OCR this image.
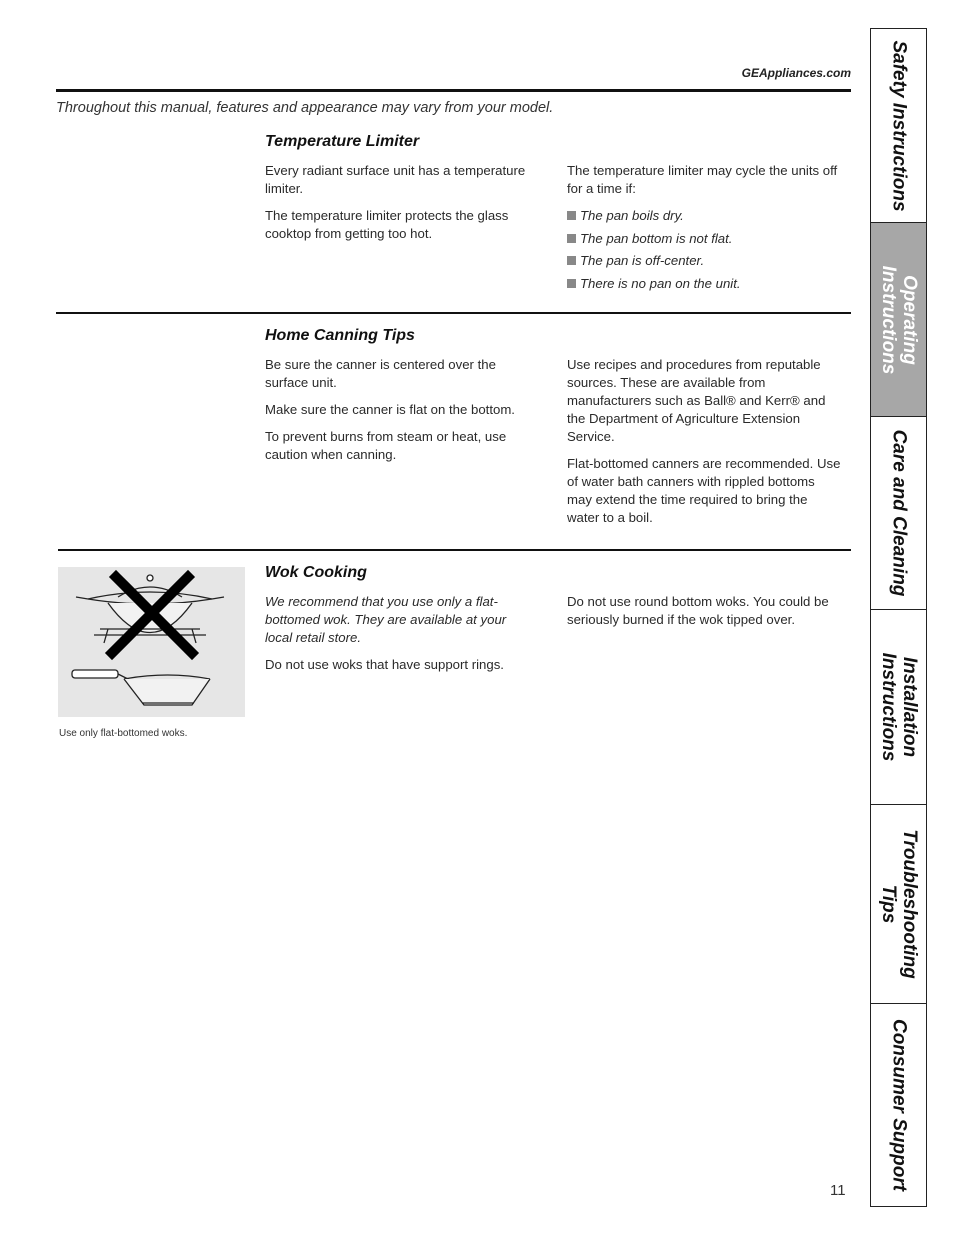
GEAppliances.com
Throughout this manual, features and appearance may vary from your model.
Temperature Limiter

Every radiant surface unit has a temperature limiter.

The temperature limiter protects the glass cooktop from getting too hot.

The temperature limiter may cycle the units off for a time if:

The pan boils dry.
The pan bottom is not flat.
The pan is off-center.
There is no pan on the unit.
Home Canning Tips

Be sure the canner is centered over the surface unit.

Make sure the canner is flat on the bottom.

To prevent burns from steam or heat, use caution when canning.

Use recipes and procedures from reputable sources. These are available from manufacturers such as Ball® and Kerr® and the Department of Agriculture Extension Service.

Flat-bottomed canners are recommended. Use of water bath canners with rippled bottoms may extend the time required to bring the water to a boil.

Use only flat-bottomed woks.
Wok Cooking

We recommend that you use only a flat-bottomed wok. They are available at your local retail store.

Do not use woks that have support rings.

Do not use round bottom woks. You could be seriously burned if the wok tipped over.

11
Safety Instructions
Operating Instructions
Care and Cleaning
Installation Instructions
Troubleshooting Tips
Consumer Support
